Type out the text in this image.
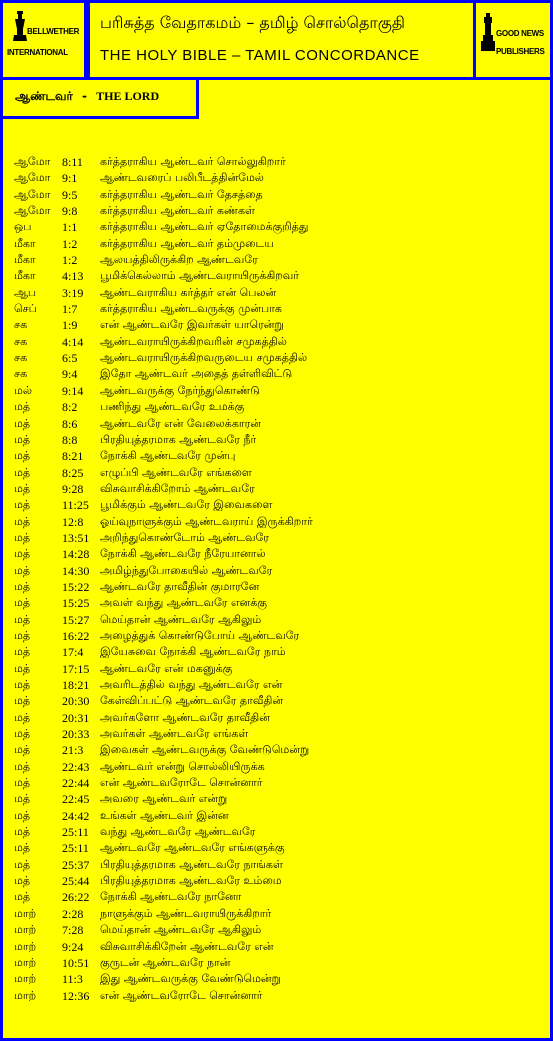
BELLWETHER
INTERNATIONAL
பரிசுத்த வேதாகமம் – தமிழ் சொல்தொகுதி
THE HOLY BIBLE – TAMIL CONCORDANCE
GOOD NEWS
PUBLISHERS
ஆண்டவர் - THE LORD
ஆமோ 8:11 கர்த்தராகிய ஆண்டவர் சொல்லுகிறார்
ஆமோ 9:1 ஆண்டவரைப் பலிபீடத்தின்மேல்
ஆமோ 9:5 கர்த்தராகிய ஆண்டவர் தேசத்தை
ஆமோ 9:8 கர்த்தராகிய ஆண்டவர் கண்கள்
ஒப	1:1 கர்த்தராகிய ஆண்டவர் ஏதோமைக்குறித்து
மீகா 1:2 கர்த்தராகிய ஆண்டவர் தம்முடைய
மீகா 1:2 ஆலயத்திலிருக்கிற ஆண்டவரே
மீகா 4:13 பூமிக்கெல்லாம் ஆண்டவராயிருக்கிறவர்
ஆப 3:19 ஆண்டவராகிய கர்த்தர் என் பெலன்
செப் 1:7 கர்த்தராகிய ஆண்டவருக்கு முன்பாக
சக	1:9 என் ஆண்டவரே இவர்கள் யாரென்று
சக	4:14 ஆண்டவராயிருக்கிறவரின் சமுகத்தில்
சக	6:5 ஆண்டவராயிருக்கிறவருடைய சமுகத்தில்
சக	9:4 இதோ ஆண்டவர் அதைத் தள்ளிவிட்டு
மல்	9:14 ஆண்டவருக்கு நேர்ந்துகொண்டு
மத்	8:2 பணிந்து ஆண்டவரே உமக்கு
மத்	8:6 ஆண்டவரே என் வேலைக்காரன்
மத்	8:8 பிரதியுத்தரமாக ஆண்டவரே நீர்
மத்	8:21 நோக்கி ஆண்டவரே முன்பு
மத்	8:25 எழுப்பி ஆண்டவரே எங்களை
மத்	9:28 விசுவாசிக்கிறோம் ஆண்டவரே
மத்	11:25 பூமிக்கும் ஆண்டவரே இவைகளை
மத்	12:8 ஓய்வுநாளுக்கும் ஆண்டவராய் இருக்கிறார்
மத்	13:51 அறிந்துகொண்டோம் ஆண்டவரே
மத்	14:28 நோக்கி ஆண்டவரே நீரேயானால்
மத்	14:30 அமிழ்ந்துபோகையில் ஆண்டவரே
மத்	15:22 ஆண்டவரே தாவீதின் குமாரனே
மத்	15:25 அவள் வந்து ஆண்டவரே எனக்கு
மத்	15:27 மெய்தான் ஆண்டவரே ஆகிலும்
மத்	16:22 அழைத்துக் கொண்டுபோய் ஆண்டவரே
மத்	17:4 இயேசுவை நோக்கி ஆண்டவரே நாம்
மத்	17:15 ஆண்டவரே என் மகனுக்கு
மத்	18:21 அவரிடத்தில் வந்து ஆண்டவரே என்
மத்	20:30 கேள்விப்பட்டு ஆண்டவரே தாவீதின்
மத்	20:31 அவர்களோ ஆண்டவரே தாவீதின்
மத்	20:33 அவர்கள் ஆண்டவரே எங்கள்
மத்	21:3 இவைகள் ஆண்டவருக்கு வேண்டுமென்று
மத்	22:43 ஆண்டவர் என்று சொல்லியிருக்க
மத்	22:44 என் ஆண்டவரோடே சொன்னார்
மத்	22:45 அவரை ஆண்டவர் என்று
மத்	24:42 உங்கள் ஆண்டவர் இன்ன
மத்	25:11 வந்து ஆண்டவரே ஆண்டவரே
மத்	25:11 ஆண்டவரே ஆண்டவரே எங்களுக்கு
மத்	25:37 பிரதியுத்தரமாக ஆண்டவரே நாங்கள்
மத்	25:44 பிரதியுத்தரமாக ஆண்டவரே உம்மை
மத்	26:22 நோக்கி ஆண்டவரே நானோ
மாற் 2:28 நாளுக்கும் ஆண்டவராயிருக்கிறார்
மாற் 7:28 மெய்தான் ஆண்டவரே ஆகிலும்
மாற் 9:24 விசுவாசிக்கிறேன் ஆண்டவரே என்
மாற் 10:51 குருடன் ஆண்டவரே நான்
மாற் 11:3 இது ஆண்டவருக்கு வேண்டுமென்று
மாற் 12:36 என் ஆண்டவரோடே சொன்னார்
